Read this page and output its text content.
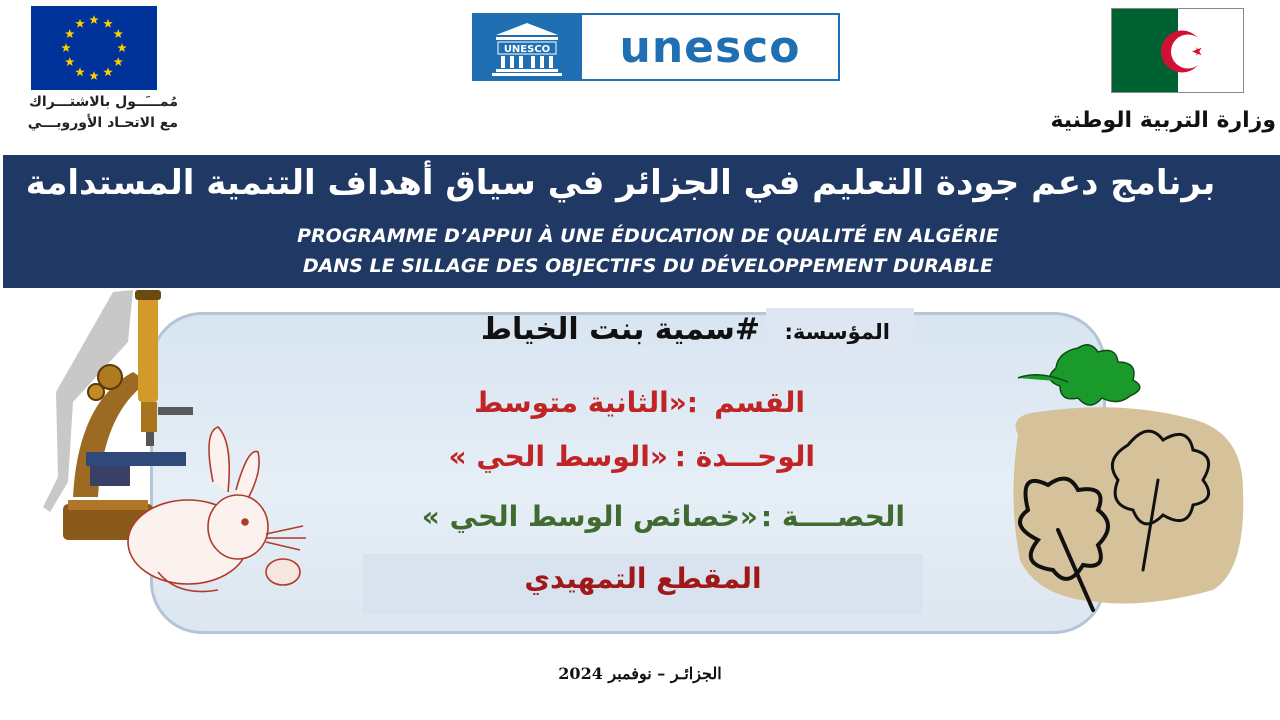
مُمـــَــول بالاشتـــراك
مع الاتحـاد الأوروبـــي
UNESCO	unesco
وزارة التربية الوطنية
برنامج دعم جودة التعليم في الجزائر في سياق أهداف التنمية المستدامة
PROGRAMME D’APPUI À UNE ÉDUCATION DE QUALITÉ EN ALGÉRIE
DANS LE SILLAGE DES OBJECTIFS DU DÉVELOPPEMENT DURABLE
المؤسسة:
#سمية بنت الخياط
القسم
:«الثانية متوسط
الوحـــدة :
«الوسط الحي »
الحصــــة :
«خصائص الوسط الحي »
المقطع التمهيدي
الجزائـر – نوفمبر 2024
